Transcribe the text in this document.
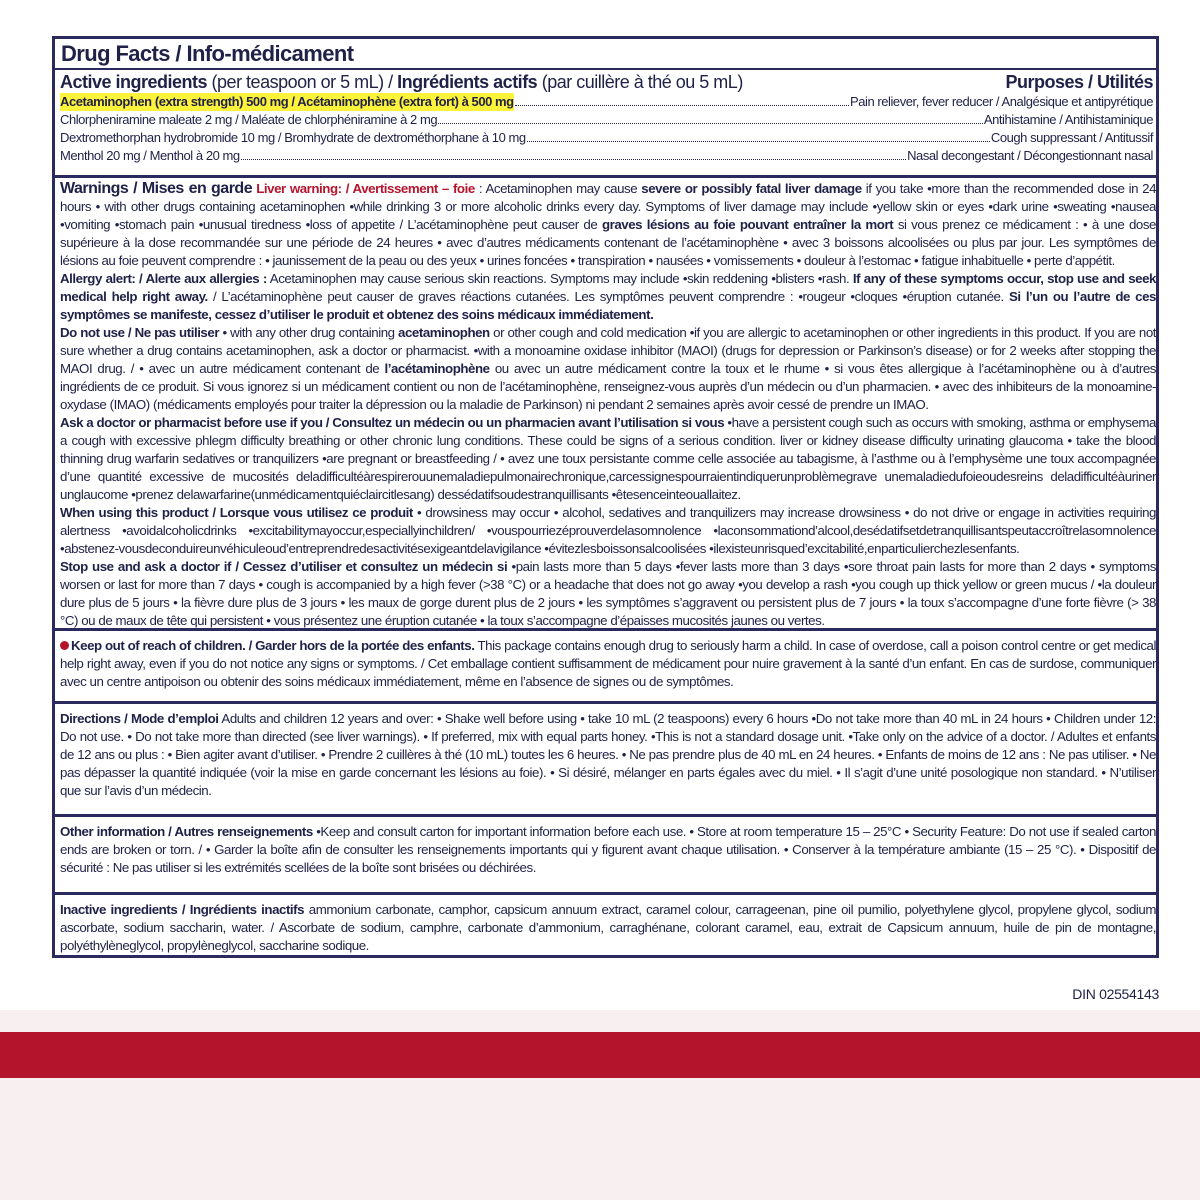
Drug Facts / Info-médicament
Active ingredients (per teaspoon or 5 mL) / Ingrédients actifs (par cuillère à thé ou 5 mL)	Purposes / Utilités
Acetaminophen (extra strength) 500 mg / Acétaminophène (extra fort) à 500 mg	Pain reliever, fever reducer / Analgésique et antipyrétique
Chlorpheniramine maleate 2 mg / Maléate de chlorphéniramine à 2 mg	Antihistamine / Antihistaminique
Dextromethorphan hydrobromide 10 mg / Bromhydrate de dextrométhorphane à 10 mg	Cough suppressant / Antitussif
Menthol 20 mg / Menthol à 20 mg	Nasal decongestant / Décongestionnant nasal

Warnings / Mises en garde Liver warning: / Avertissement – foie : Acetaminophen may cause severe or possibly fatal liver damage if you take •more than the recommended dose in 24 hours • with other drugs containing acetaminophen •while drinking 3 or more alcoholic drinks every day. Symptoms of liver damage may include •yellow skin or eyes •dark urine •sweating •nausea •vomiting •stomach pain •unusual tiredness •loss of appetite / L’acétaminophène peut causer de graves lésions au foie pouvant entraîner la mort si vous prenez ce médicament : • à une dose supérieure à la dose recommandée sur une période de 24 heures • avec d’autres médicaments contenant de l’acétaminophène • avec 3 boissons alcoolisées ou plus par jour. Les symptômes de lésions au foie peuvent comprendre : • jaunissement de la peau ou des yeux • urines foncées • transpiration • nausées • vomissements • douleur à l’estomac • fatigue inhabituelle • perte d’appétit.

Allergy alert: / Alerte aux allergies : Acetaminophen may cause serious skin reactions. Symptoms may include •skin reddening •blisters •rash. If any of these symptoms occur, stop use and seek medical help right away. / L’acétaminophène peut causer de graves réactions cutanées. Les symptômes peuvent comprendre : •rougeur •cloques •éruption cutanée. Si l’un ou l’autre de ces symptômes se manifeste, cessez d’utiliser le produit et obtenez des soins médicaux immédiatement.

Do not use / Ne pas utiliser • with any other drug containing acetaminophen or other cough and cold medication •if you are allergic to acetaminophen or other ingredients in this product. If you are not sure whether a drug contains acetaminophen, ask a doctor or pharmacist. •with a monoamine oxidase inhibitor (MAOI) (drugs for depression or Parkinson’s disease) or for 2 weeks after stopping the MAOI drug. / • avec un autre médicament contenant de l’acétaminophène ou avec un autre médicament contre la toux et le rhume • si vous êtes allergique à l’acétaminophène ou à d’autres ingrédients de ce produit. Si vous ignorez si un médicament contient ou non de l’acétaminophène, renseignez-vous auprès d’un médecin ou d’un pharmacien. • avec des inhibiteurs de la monoamine-oxydase (IMAO) (médicaments employés pour traiter la dépression ou la maladie de Parkinson) ni pendant 2 semaines après avoir cessé de prendre un IMAO.

Ask a doctor or pharmacist before use if you / Consultez un médecin ou un pharmacien avant l’utilisation si vous •have a persistent cough such as occurs with smoking, asthma or emphysema a cough with excessive phlegm difficulty breathing or other chronic lung conditions. These could be signs of a serious condition. liver or kidney disease difficulty urinating glaucoma • take the blood thinning drug warfarin sedatives or tranquilizers •are pregnant or breastfeeding / • avez une toux persistante comme celle associée au tabagisme, à l’asthme ou à l’emphysème une toux accompagnée d’une quantité excessive de mucosités deladifficultéàrespirerouunemaladiepulmonairechronique,carcessignespourraientindiquerunproblèmegrave unemaladiedufoieoudesreins deladifficultéàuriner unglaucome •prenez delawarfarine(unmédicamentquiéclaircitlesang) dessédatifsoudestranquillisants •êtesenceinteouallaitez.

When using this product / Lorsque vous utilisez ce produit • drowsiness may occur • alcohol, sedatives and tranquilizers may increase drowsiness • do not drive or engage in activities requiring alertness •avoidalcoholicdrinks •excitabilitymayoccur,especiallyinchildren/ •vouspourriezéprouverdelasomnolence •laconsommationd’alcool,desédatifsetdetranquillisantspeutaccroîtrelasomnolence •abstenez-vousdeconduireunvéhiculeoud’entreprendredesactivitésexigeantdelavigilance •évitezlesboissonsalcoolisées •ilexisteunrisqued’excitabilité,enparticulierchezlesenfants.

Stop use and ask a doctor if / Cessez d’utiliser et consultez un médecin si •pain lasts more than 5 days •fever lasts more than 3 days •sore throat pain lasts for more than 2 days • symptoms worsen or last for more than 7 days • cough is accompanied by a high fever (>38 °C) or a headache that does not go away •you develop a rash •you cough up thick yellow or green mucus / •la douleur dure plus de 5 jours • la fièvre dure plus de 3 jours • les maux de gorge durent plus de 2 jours • les symptômes s’aggravent ou persistent plus de 7 jours • la toux s’accompagne d’une forte fièvre (> 38 °C) ou de maux de tête qui persistent • vous présentez une éruption cutanée • la toux s’accompagne d’épaisses mucosités jaunes ou vertes.

Keep out of reach of children. / Garder hors de la portée des enfants. This package contains enough drug to seriously harm a child. In case of overdose, call a poison control centre or get medical help right away, even if you do not notice any signs or symptoms. / Cet emballage contient suffisamment de médicament pour nuire gravement à la santé d’un enfant. En cas de surdose, communiquer avec un centre antipoison ou obtenir des soins médicaux immédiatement, même en l’absence de signes ou de symptômes.

Directions / Mode d’emploi Adults and children 12 years and over: • Shake well before using • take 10 mL (2 teaspoons) every 6 hours •Do not take more than 40 mL in 24 hours • Children under 12: Do not use. • Do not take more than directed (see liver warnings). • If preferred, mix with equal parts honey. •This is not a standard dosage unit. •Take only on the advice of a doctor. / Adultes et enfants de 12 ans ou plus : • Bien agiter avant d’utiliser. • Prendre 2 cuillères à thé (10 mL) toutes les 6 heures. • Ne pas prendre plus de 40 mL en 24 heures. • Enfants de moins de 12 ans : Ne pas utiliser. • Ne pas dépasser la quantité indiquée (voir la mise en garde concernant les lésions au foie). • Si désiré, mélanger en parts égales avec du miel. • Il s’agit d’une unité posologique non standard. • N’utiliser que sur l’avis d’un médecin.

Other information / Autres renseignements •Keep and consult carton for important information before each use. • Store at room temperature 15 – 25°C • Security Feature: Do not use if sealed carton ends are broken or torn. / • Garder la boîte afin de consulter les renseignements importants qui y figurent avant chaque utilisation. • Conserver à la température ambiante (15 – 25 °C). • Dispositif de sécurité : Ne pas utiliser si les extrémités scellées de la boîte sont brisées ou déchirées.

Inactive ingredients / Ingrédients inactifs ammonium carbonate, camphor, capsicum annuum extract, caramel colour, carrageenan, pine oil pumilio, polyethylene glycol, propylene glycol, sodium ascorbate, sodium saccharin, water. / Ascorbate de sodium, camphre, carbonate d’ammonium, carraghénane, colorant caramel, eau, extrait de Capsicum annuum, huile de pin de montagne, polyéthylèneglycol, propylèneglycol, saccharine sodique.

DIN 02554143
